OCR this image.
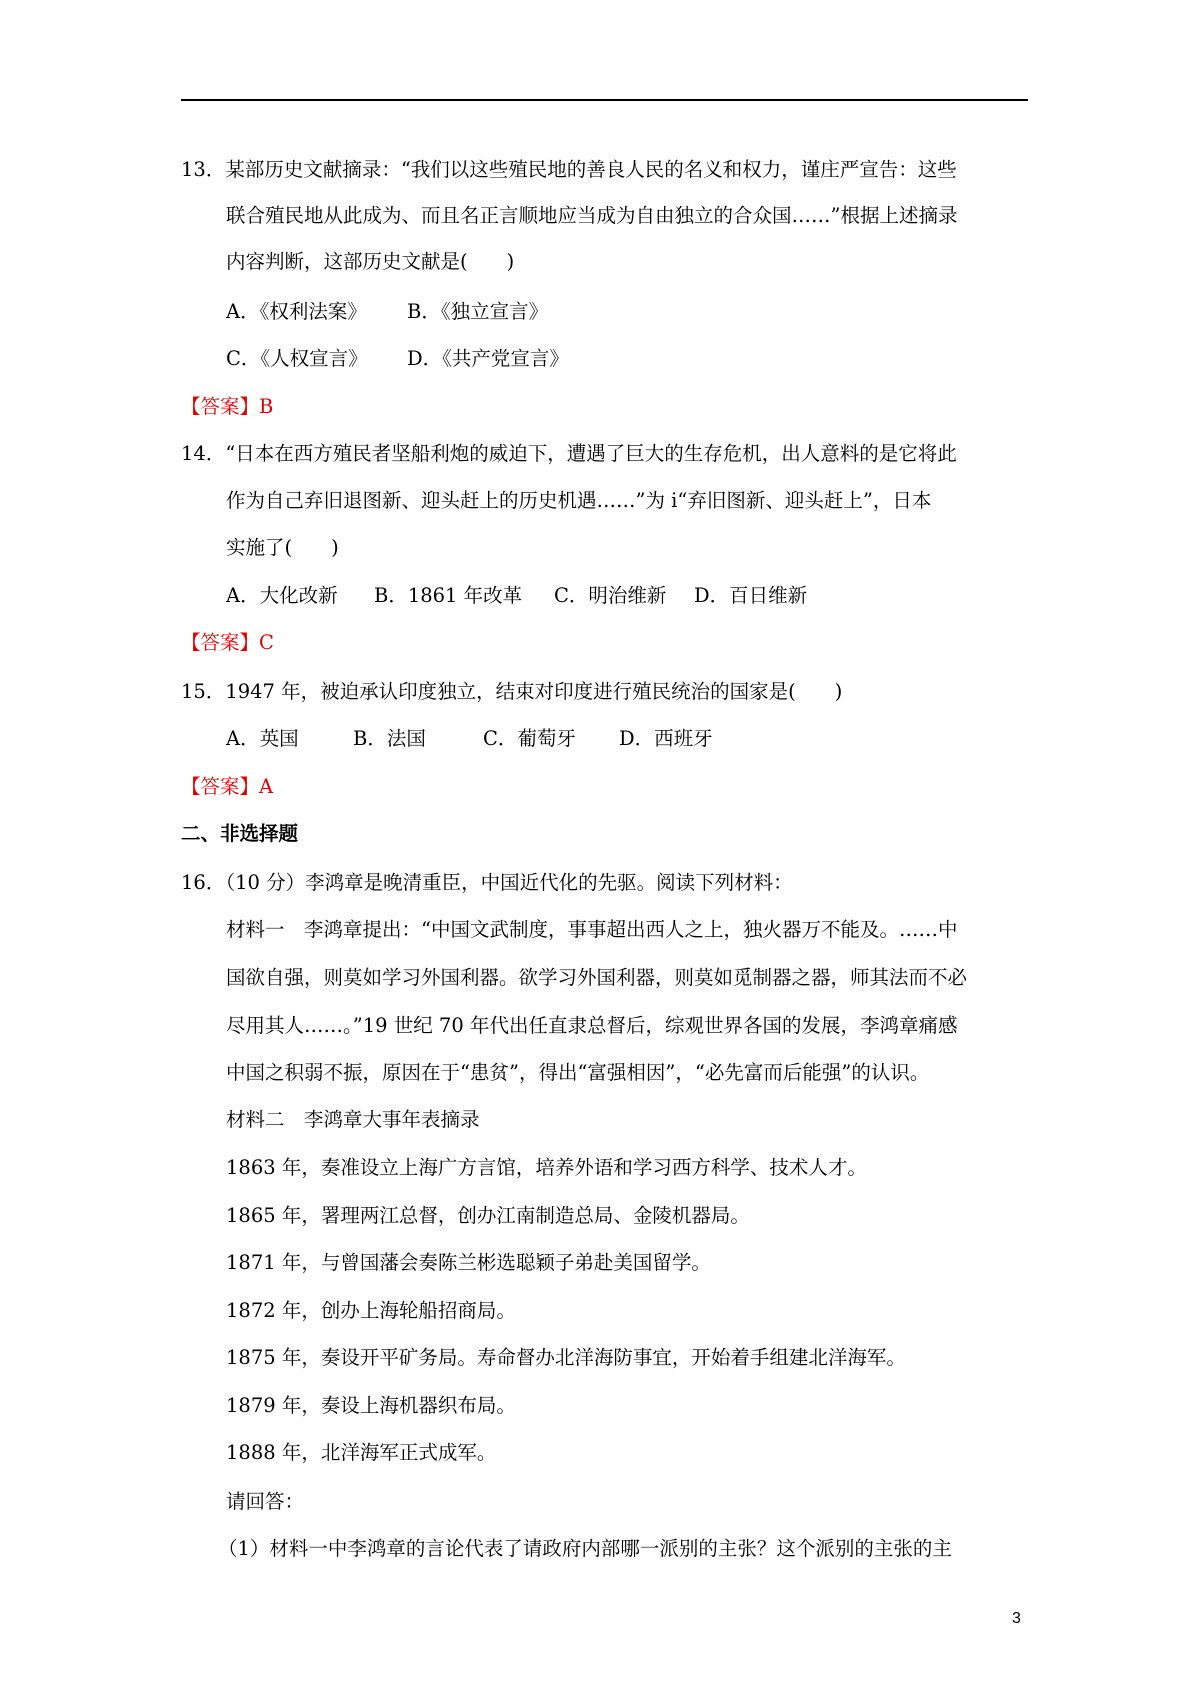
13．某部历史文献摘录：“我们以这些殖民地的善良人民的名义和权力，谨庄严宣告：这些
联合殖民地从此成为、而且名正言顺地应当成为自由独立的合众国……”根据上述摘录
内容判断，这部历史文献是(　　)
A．《权利法案》 B．《独立宣言》
C．《人权宣言》 D．《共产党宣言》
【答案】B
14．“日本在西方殖民者坚船利炮的威迫下，遭遇了巨大的生存危机，出人意料的是它将此
作为自己弃旧退图新、迎头赶上的历史机遇……”为 i“弃旧图新、迎头赶上”，日本
实施了(　　)
A．大化改新 B．1861 年改革 C．明治维新 D．百日维新
【答案】C
15．1947 年，被迫承认印度独立，结束对印度进行殖民统治的国家是(　　)
A．英国	B．法国	C．葡萄牙 D．西班牙
【答案】A
二、非选择题
16．（10 分）李鸿章是晚清重臣，中国近代化的先驱。阅读下列材料：
材料一　李鸿章提出：“中国文武制度，事事超出西人之上，独火器万不能及。……中
国欲自强，则莫如学习外国利器。欲学习外国利器，则莫如觅制器之器，师其法而不必
尽用其人……。”19 世纪 70 年代出任直隶总督后，综观世界各国的发展，李鸿章痛感
中国之积弱不振，原因在于“患贫”，得出“富强相因”，“必先富而后能强”的认识。
材料二　李鸿章大事年表摘录
1863 年，奏准设立上海广方言馆，培养外语和学习西方科学、技术人才。
1865 年，署理两江总督，创办江南制造总局、金陵机器局。
1871 年，与曾国藩会奏陈兰彬选聪颖子弟赴美国留学。
1872 年，创办上海轮船招商局。
1875 年，奏设开平矿务局。寿命督办北洋海防事宜，开始着手组建北洋海军。
1879 年，奏设上海机器织布局。
1888 年，北洋海军正式成军。
请回答：
（1）材料一中李鸿章的言论代表了请政府内部哪一派别的主张？这个派别的主张的主
3
